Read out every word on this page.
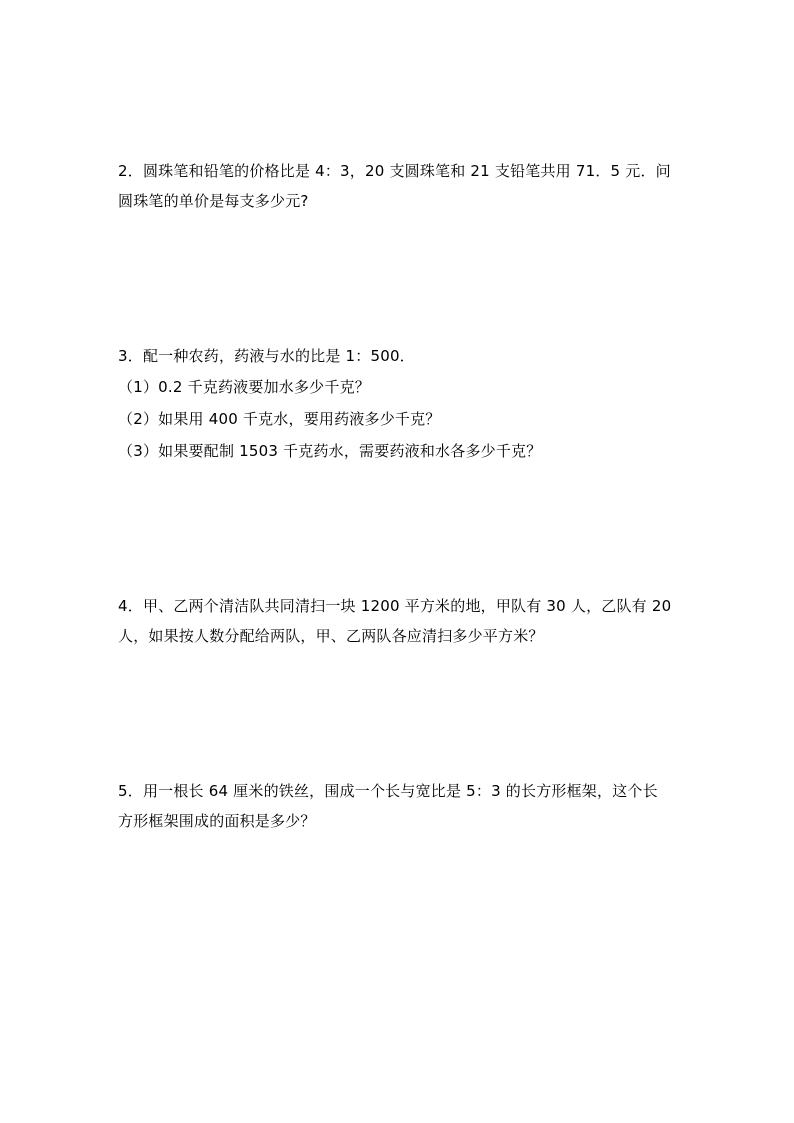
2．圆珠笔和铅笔的价格比是 4：3，20 支圆珠笔和 21 支铅笔共用 71．5 元．问
圆珠笔的单价是每支多少元?
3．配一种农药，药液与水的比是 1：500．
（1）0.2 千克药液要加水多少千克？
（2）如果用 400 千克水，要用药液多少千克？
（3）如果要配制 1503 千克药水，需要药液和水各多少千克？
4．甲、乙两个清洁队共同清扫一块 1200 平方米的地，甲队有 30 人，乙队有 20
人，如果按人数分配给两队，甲、乙两队各应清扫多少平方米？
5．用一根长 64 厘米的铁丝，围成一个长与宽比是 5：3 的长方形框架，这个长
方形框架围成的面积是多少？
